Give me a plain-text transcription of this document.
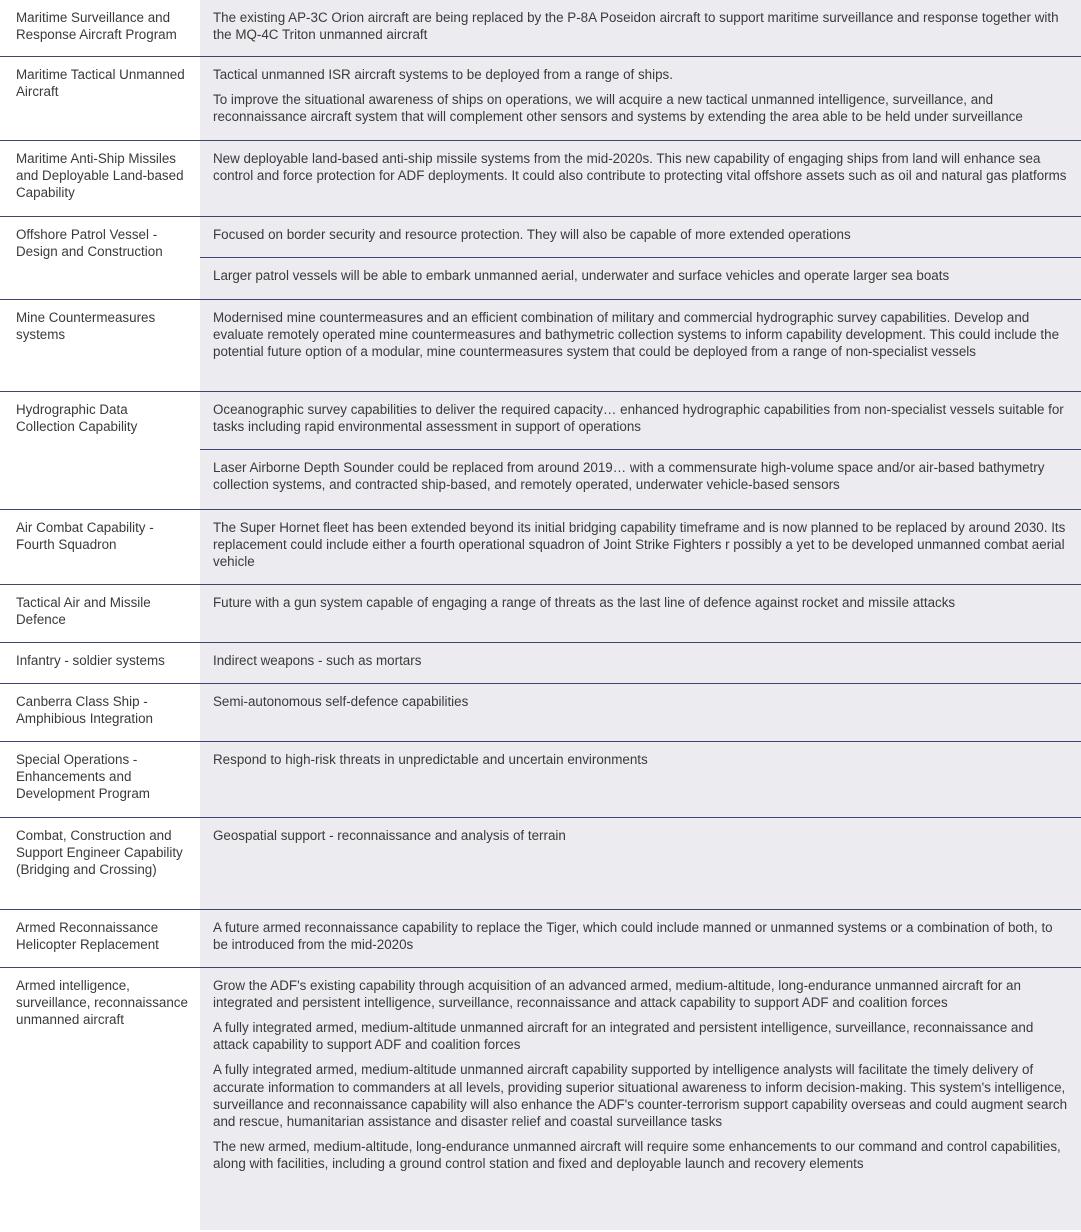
Maritime Surveillance and Response Aircraft Program	The existing AP-3C Orion aircraft are being replaced by the P-8A Poseidon aircraft to support maritime surveillance and response together with the MQ-4C Triton unmanned aircraft

Maritime Tactical Unmanned Aircraft	Tactical unmanned ISR aircraft systems to be deployed from a range of ships.
To improve the situational awareness of ships on operations, we will acquire a new tactical unmanned intelligence, surveillance, and reconnaissance aircraft system that will complement other sensors and systems by extending the area able to be held under surveillance

Maritime Anti-Ship Missiles and Deployable Land-based Capability	New deployable land-based anti-ship missile systems from the mid-2020s. This new capability of engaging ships from land will enhance sea control and force protection for ADF deployments. It could also contribute to protecting vital offshore assets such as oil and natural gas platforms

Offshore Patrol Vessel - Design and Construction	Focused on border security and resource protection. They will also be capable of more extended operations
Larger patrol vessels will be able to embark unmanned aerial, underwater and surface vehicles and operate larger sea boats

Mine Countermeasures systems	Modernised mine countermeasures and an efficient combination of military and commercial hydrographic survey capabilities. Develop and evaluate remotely operated mine countermeasures and bathymetric collection systems to inform capability development. This could include the potential future option of a modular, mine countermeasures system that could be deployed from a range of non-specialist vessels

Hydrographic Data Collection Capability	Oceanographic survey capabilities to deliver the required capacity… enhanced hydrographic capabilities from non-specialist vessels suitable for tasks including rapid environmental assessment in support of operations
Laser Airborne Depth Sounder could be replaced from around 2019… with a commensurate high-volume space and/or air-based bathymetry collection systems, and contracted ship-based, and remotely operated, underwater vehicle-based sensors

Air Combat Capability - Fourth Squadron	The Super Hornet fleet has been extended beyond its initial bridging capability timeframe and is now planned to be replaced by around 2030. Its replacement could include either a fourth operational squadron of Joint Strike Fighters r possibly a yet to be developed unmanned combat aerial vehicle

Tactical Air and Missile Defence	Future with a gun system capable of engaging a range of threats as the last line of defence against rocket and missile attacks

Infantry - soldier systems	Indirect weapons - such as mortars

Canberra Class Ship - Amphibious Integration	Semi-autonomous self-defence capabilities

Special Operations - Enhancements and Development Program	Respond to high-risk threats in unpredictable and uncertain environments

Combat, Construction and Support Engineer Capability (Bridging and Crossing)	Geospatial support - reconnaissance and analysis of terrain

Armed Reconnaissance Helicopter Replacement	A future armed reconnaissance capability to replace the Tiger, which could include manned or unmanned systems or a combination of both, to be introduced from the mid-2020s

Armed intelligence, surveillance, reconnaissance unmanned aircraft	Grow the ADF's existing capability through acquisition of an advanced armed, medium-altitude, long-endurance unmanned aircraft for an integrated and persistent intelligence, surveillance, reconnaissance and attack capability to support ADF and coalition forces
A fully integrated armed, medium-altitude unmanned aircraft for an integrated and persistent intelligence, surveillance, reconnaissance and attack capability to support ADF and coalition forces
A fully integrated armed, medium-altitude unmanned aircraft capability supported by intelligence analysts will facilitate the timely delivery of accurate information to commanders at all levels, providing superior situational awareness to inform decision-making. This system's intelligence, surveillance and reconnaissance capability will also enhance the ADF's counter-terrorism support capability overseas and could augment search and rescue, humanitarian assistance and disaster relief and coastal surveillance tasks
The new armed, medium-altitude, long-endurance unmanned aircraft will require some enhancements to our command and control capabilities, along with facilities, including a ground control station and fixed and deployable launch and recovery elements
